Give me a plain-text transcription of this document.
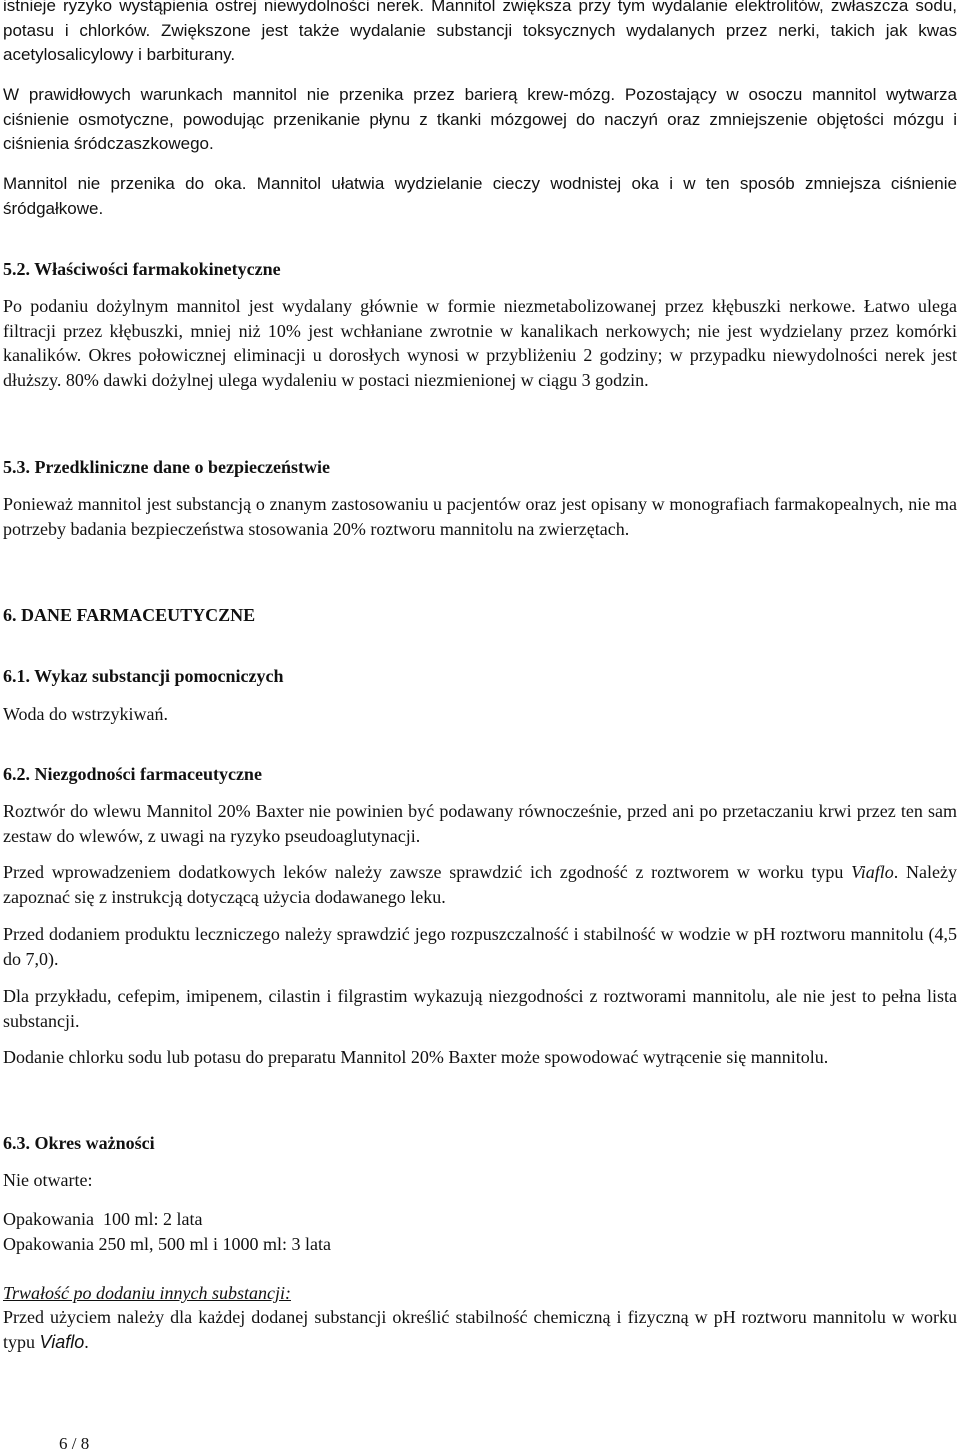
istnieje ryzyko wystąpienia ostrej niewydolności nerek. Mannitol zwiększa przy tym wydalanie elektrolitów, zwłaszcza sodu, potasu i chlorków. Zwiększone jest także wydalanie substancji toksycznych wydalanych przez nerki, takich jak kwas acetylosalicylowy i barbiturany.
W prawidłowych warunkach mannitol nie przenika przez barierą krew-mózg. Pozostający w osoczu mannitol wytwarza ciśnienie osmotyczne, powodując przenikanie płynu z tkanki mózgowej do naczyń oraz zmniejszenie objętości mózgu i ciśnienia śródczaszkowego.
Mannitol nie przenika do oka. Mannitol ułatwia wydzielanie cieczy wodnistej oka i w ten sposób zmniejsza ciśnienie śródgałkowe.
5.2. Właściwości farmakokinetyczne
Po podaniu dożylnym mannitol jest wydalany głównie w formie niezmetabolizowanej przez kłębuszki nerkowe. Łatwo ulega filtracji przez kłębuszki, mniej niż 10% jest wchłaniane zwrotnie w kanalikach nerkowych; nie jest wydzielany przez komórki kanalików. Okres połowicznej eliminacji u dorosłych wynosi w przybliżeniu 2 godziny; w przypadku niewydolności nerek jest dłuższy. 80% dawki dożylnej ulega wydaleniu w postaci niezmienionej w ciągu 3 godzin.
5.3. Przedkliniczne dane o bezpieczeństwie
Ponieważ mannitol jest substancją o znanym zastosowaniu u pacjentów oraz jest opisany w monografiach farmakopealnych, nie ma potrzeby badania bezpieczeństwa stosowania 20% roztworu mannitolu na zwierzętach.
6. DANE FARMACEUTYCZNE
6.1. Wykaz substancji pomocniczych
Woda do wstrzykiwań.
6.2. Niezgodności farmaceutyczne
Roztwór do wlewu Mannitol 20% Baxter nie powinien być podawany równocześnie, przed ani po przetaczaniu krwi przez ten sam zestaw do wlewów, z uwagi na ryzyko pseudoaglutynacji.
Przed wprowadzeniem dodatkowych leków należy zawsze sprawdzić ich zgodność z roztworem w worku typu Viaflo. Należy zapoznać się z instrukcją dotyczącą użycia dodawanego leku.
Przed dodaniem produktu leczniczego należy sprawdzić jego rozpuszczalność i stabilność w wodzie w pH roztworu mannitolu (4,5 do 7,0).
Dla przykładu, cefepim, imipenem, cilastin i filgrastim wykazują niezgodności z roztworami mannitolu, ale nie jest to pełna lista substancji.
Dodanie chlorku sodu lub potasu do preparatu Mannitol 20% Baxter może spowodować wytrącenie się mannitolu.
6.3. Okres ważności
Nie otwarte:
Opakowania  100 ml: 2 lata
Opakowania 250 ml, 500 ml i 1000 ml: 3 lata
Trwałość po dodaniu innych substancji:
Przed użyciem należy dla każdej dodanej substancji określić stabilność chemiczną i fizyczną w pH roztworu mannitolu w worku typu Viaflo.
6 / 8
